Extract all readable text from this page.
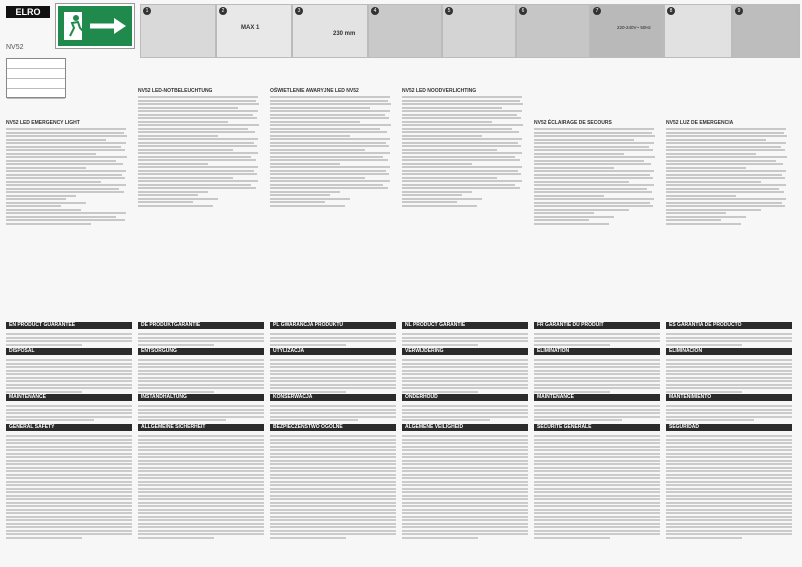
ELRO
NV52
1	2
MAX 1
3
230 mm
4	5	6	7
220-240V~ 50Hz
8	9
NV52 LED EMERGENCY LIGHT
NV52 LED-NOTBELEUCHTUNG	OŚWIETLENIE AWARYJNE LED NV52	NV52 LED NOODVERLICHTING
NV52 ÉCLAIRAGE DE SECOURS	NV52 LUZ DE EMERGENCIA
EN PRODUCT GUARANTEE	DE PRODUKTGARANTIE	PL GWARANCJA PRODUKTU	NL PRODUCT GARANTIE	FR GARANTIE DU PRODUIT	ES GARANTÍA DE PRODUCTO
DISPOSAL	ENTSORGUNG	UTYLIZACJA	VERWIJDERING	ÉLIMINATION	ELIMINACIÓN
MAINTENANCE	INSTANDHALTUNG	KONSERWACJA	ONDERHOUD	MAINTENANCE	MANTENIMIENTO
GENERAL SAFETY	ALLGEMEINE SICHERHEIT	BEZPIECZEŃSTWO OGÓLNE	ALGEMENE VEILIGHEID	SÉCURITÉ GÉNÉRALE	SEGURIDAD
